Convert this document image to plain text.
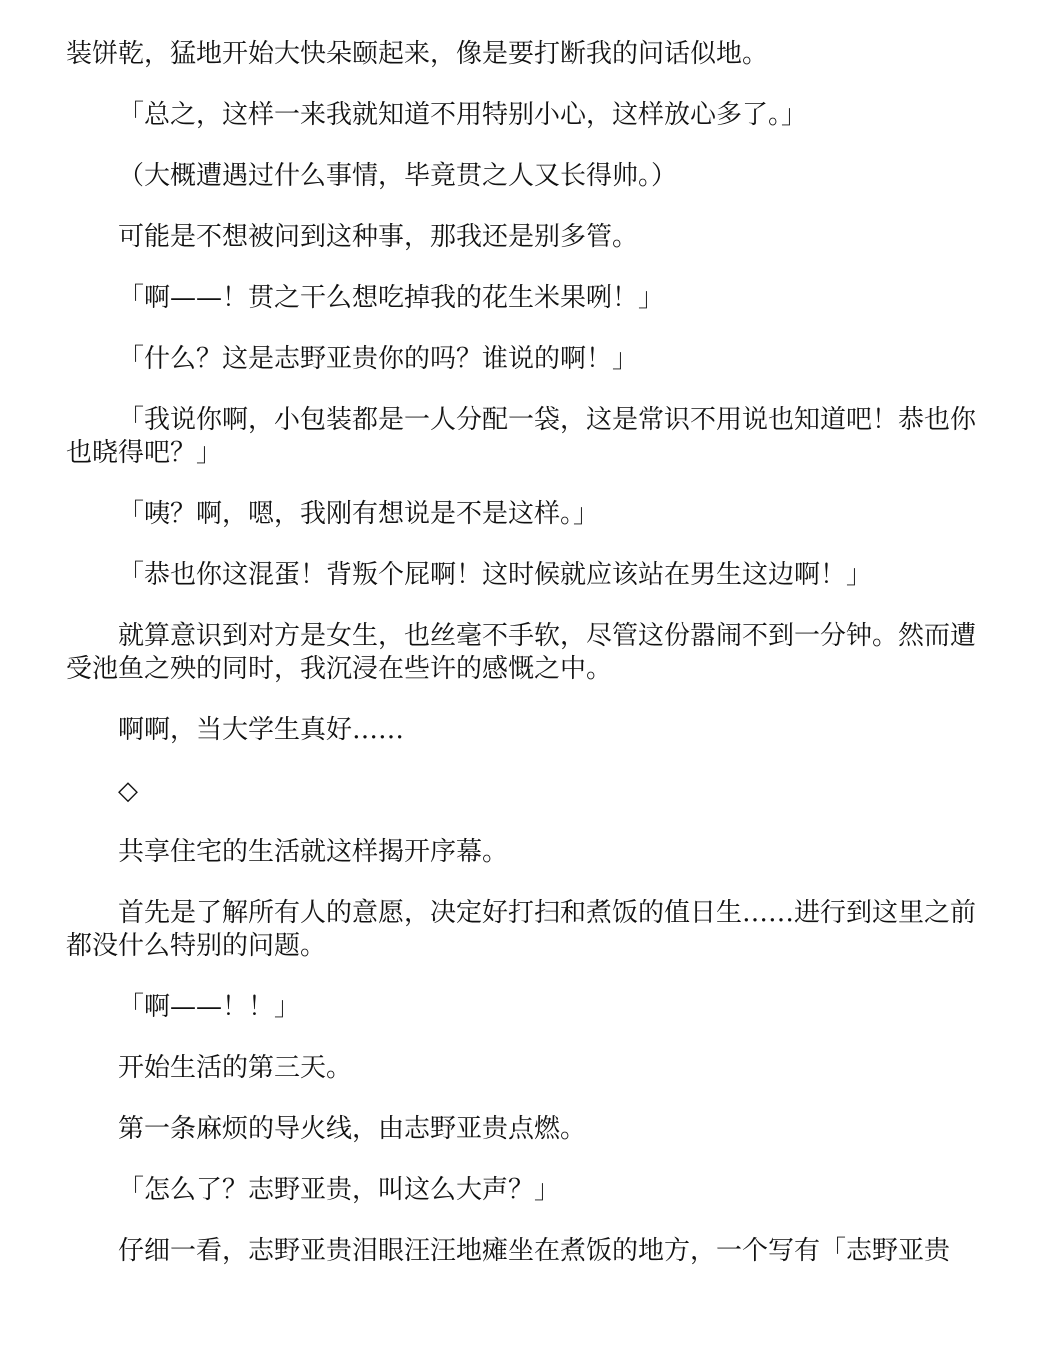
装饼乾，猛地开始大快朵颐起来，像是要打断我的问话似地。

「总之，这样一来我就知道不用特别小心，这样放心多了。」

（大概遭遇过什么事情，毕竟贯之人又长得帅。）

可能是不想被问到这种事，那我还是别多管。

「啊——！贯之干么想吃掉我的花生米果咧！」

「什么？这是志野亚贵你的吗？谁说的啊！」

「我说你啊，小包装都是一人分配一袋，这是常识不用说也知道吧！恭也你也晓得吧？」

「咦？啊，嗯，我刚有想说是不是这样。」

「恭也你这混蛋！背叛个屁啊！这时候就应该站在男生这边啊！」

就算意识到对方是女生，也丝毫不手软，尽管这份嚣闹不到一分钟。然而遭受池鱼之殃的同时，我沉浸在些许的感慨之中。

啊啊，当大学生真好……

◇

共享住宅的生活就这样揭开序幕。

首先是了解所有人的意愿，决定好打扫和煮饭的值日生……进行到这里之前都没什么特别的问题。

「啊——！！」

开始生活的第三天。

第一条麻烦的导火线，由志野亚贵点燃。

「怎么了？志野亚贵，叫这么大声？」

仔细一看，志野亚贵泪眼汪汪地瘫坐在煮饭的地方，一个写有「志野亚贵
